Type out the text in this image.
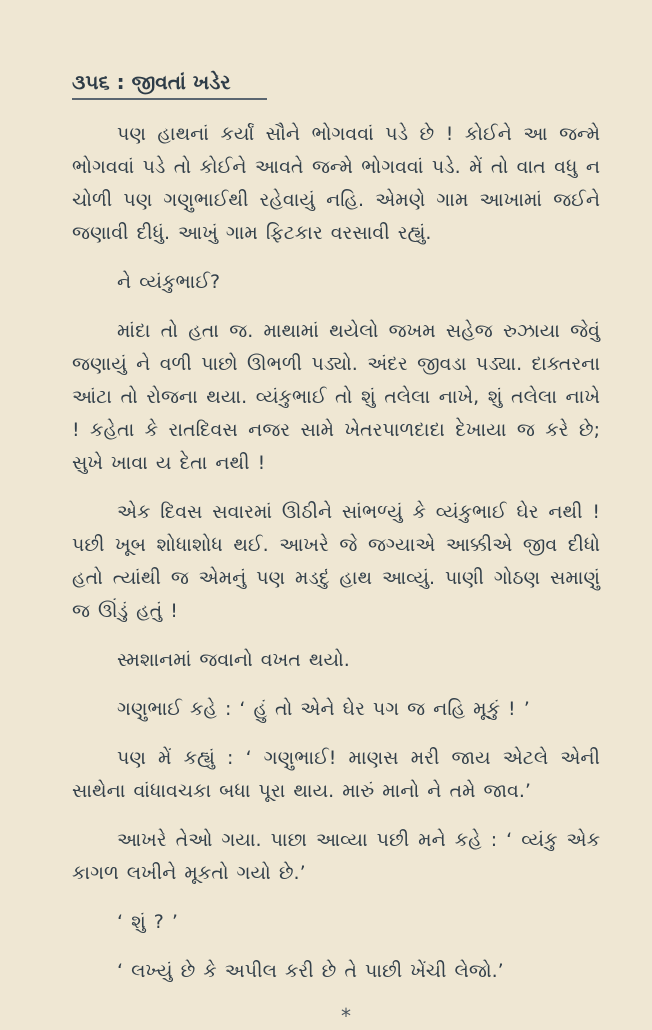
૩૫૬ : જીવતાં ખડેર

પણ હાથનાં કર્યાં સૌને ભોગવવાં પડે છે ! કોઈને આ જન્મે ભોગવવાં પડે તો કોઈને આવતે જન્મે ભોગવવાં પડે. મેં તો વાત વધુ ન ચોળી પણ ગણુભાઈથી રહેવાયું નહિ. એમણે ગામ આખામાં જઈને જણાવી દીધું. આખું ગામ ફિટકાર વરસાવી રહ્યું.

ને વ્યંકુભાઈ?

માંદા તો હતા જ. માથામાં થયેલો જખમ સહેજ રુઝાયા જેવું જણાયું ને વળી પાછો ઊભળી પડ્યો. અંદર જીવડા પડ્યા. દાક્તરના આંટા તો રોજના થયા. વ્યંકુભાઈ તો શું તલેલા નાખે, શું તલેલા નાખે ! કહેતા કે રાતદિવસ નજર સામે ખેતરપાળદાદા દેખાયા જ કરે છે; સુખે ખાવા ય દેતા નથી !

એક દિવસ સવારમાં ઊઠીને સાંભળ્યું કે વ્યંકુભાઈ ઘેર નથી ! પછી ખૂબ શોધાશોધ થઈ. આખરે જે જગ્યાએ આક્કીએ જીવ દીધો હતો ત્યાંથી જ એમનું પણ મડદું હાથ આવ્યું. પાણી ગોઠણ સમાણું જ ઊંડું હતું !

સ્મશાનમાં જવાનો વખત થયો.

ગણુભાઈ કહે : ‘ હું તો એને ઘેર પગ જ નહિ મૂકું ! ’

પણ મેં કહ્યું : ‘ ગણુભાઈ! માણસ મરી જાય એટલે એની સાથેના વાંધાવચકા બધા પૂરા થાય. મારું માનો ને તમે જાવ.’

આખરે તેઓ ગયા. પાછા આવ્યા પછી મને કહે : ‘ વ્યંકુ એક કાગળ લખીને મૂકતો ગયો છે.’

‘ શું ? ’

‘ લખ્યું છે કે અપીલ કરી છે તે પાછી ખેંચી લેજો.’

*
